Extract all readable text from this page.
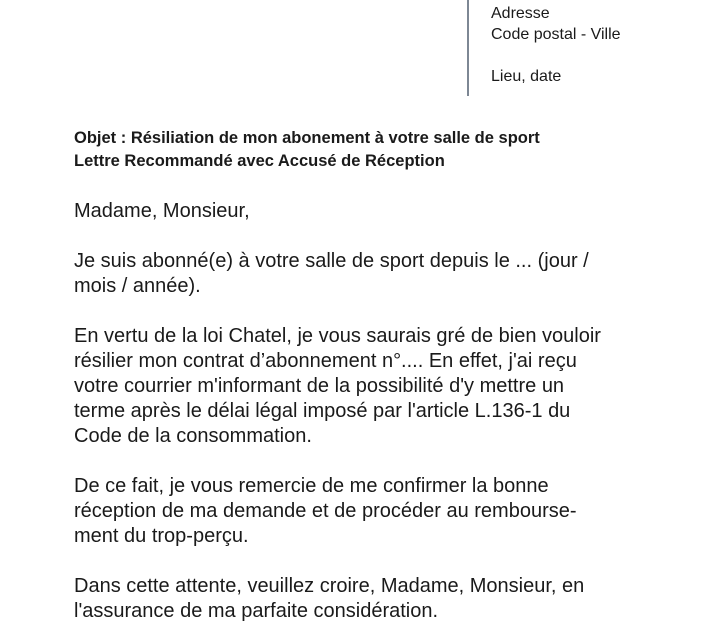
Adresse
Code postal - Ville
Lieu, date
Objet : Résiliation de mon abonement à votre salle de sport
Lettre Recommandé avec Accusé de Réception

Madame, Monsieur,

Je suis abonné(e) à votre salle de sport depuis le ... (jour /
mois / année).

En vertu de la loi Chatel, je vous saurais gré de bien vouloir
résilier mon contrat d’abonnement n°.... En effet, j'ai reçu
votre courrier m'informant de la possibilité d'y mettre un
terme après le délai légal imposé par l'article L.136-1 du
Code de la consommation.

De ce fait, je vous remercie de me confirmer la bonne
réception de ma demande et de procéder au rembourse-
ment du trop-perçu.

Dans cette attente, veuillez croire, Madame, Monsieur, en
l'assurance de ma parfaite considération.
